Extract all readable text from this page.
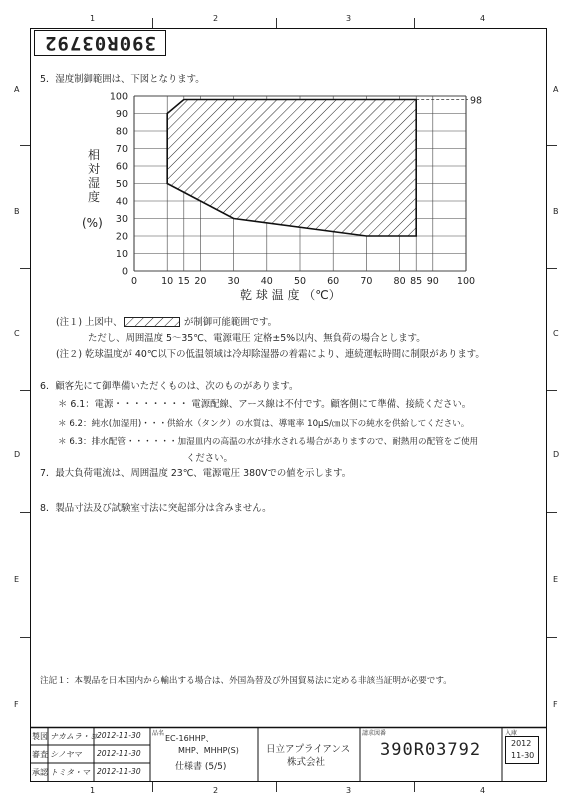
1	2	3	4
1	2	3	4
A
B
C
D
E
F
A
B
C
D
E
F
390R03792
5．湿度制御範囲は、下図となります。
相
対
湿
度
(%)
0
10
20
30
40
50
60
70
80
90
100
0	10 15 20 30 40 50 60 70 80 85 90 100
98
乾 球 温 度 （℃）
(注１) 上図中、	が制御可能範囲です。
ただし、周囲温度 5～35℃、電源電圧 定格±5%以内、無負荷の場合とします。
(注２) 乾球温度が 40℃以下の低温領域は冷却除湿器の着霜により、連続運転時間に制限があります。
6．顧客先にて御準備いただくものは、次のものがあります。
＊ 6.1：電源・・・・・・・・ 電源配線、アース線は不付です。顧客側にて準備、接続ください。
＊ 6.2：純水(加湿用)・・・供給水（タンク）の水質は、導電率 10μS/㎝以下の純水を供給してください。
＊ 6.3：排水配管・・・・・・加湿皿内の高温の水が排水される場合がありますので、耐熱用の配管をご使用
ください。
7．最大負荷電流は、周囲温度 23℃、電源電圧 380Vでの値を示します。
8．製品寸法及び試験室寸法に突起部分は含みません。
注記１：本製品を日本国内から輸出する場合は、外国為替及び外国貿易法に定める非該当証明が必要です。
製図
審査
承認
ナカムラ・ヨ
シノヤマ
トミタ・マ
2012-11-30
2012-11-30
2012-11-30
品名
EC-16HHP、
MHP、MHHP(S)
仕様書 (5/5)
日立アプライアンス
株式会社
請求図番
390R03792
入庫
2012
11-30
